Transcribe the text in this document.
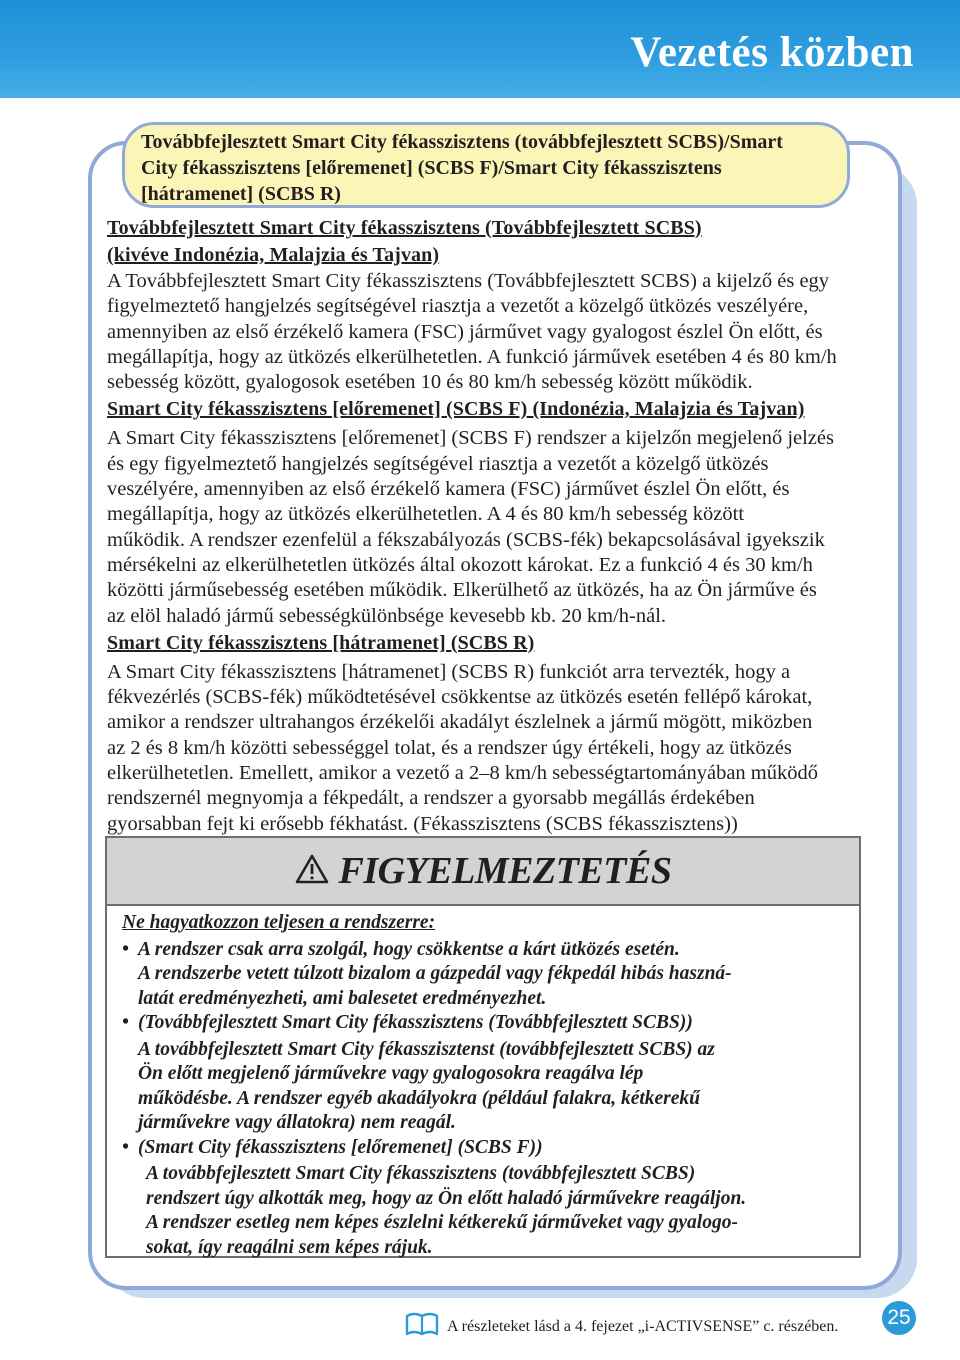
Vezetés közben
Továbbfejlesztett Smart City fékasszisztens (továbbfejlesztett SCBS)/Smart
City fékasszisztens [előremenet] (SCBS F)/Smart City fékasszisztens
[hátramenet] (SCBS R)
Továbbfejlesztett Smart City fékasszisztens (Továbbfejlesztett SCBS)
(kivéve Indonézia, Malajzia és Tajvan)
A Továbbfejlesztett Smart City fékasszisztens (Továbbfejlesztett SCBS) a kijelző és egy
figyelmeztető hangjelzés segítségével riasztja a vezetőt a közelgő ütközés veszélyére,
amennyiben az első érzékelő kamera (FSC) járművet vagy gyalogost észlel Ön előtt, és
megállapítja, hogy az ütközés elkerülhetetlen. A funkció járművek esetében 4 és 80 km/h
sebesség között, gyalogosok esetében 10 és 80 km/h sebesség között működik.
Smart City fékasszisztens [előremenet] (SCBS F) (Indonézia, Malajzia és Tajvan)
A Smart City fékasszisztens [előremenet] (SCBS F) rendszer a kijelzőn megjelenő jelzés
és egy figyelmeztető hangjelzés segítségével riasztja a vezetőt a közelgő ütközés
veszélyére, amennyiben az első érzékelő kamera (FSC) járművet észlel Ön előtt, és
megállapítja, hogy az ütközés elkerülhetetlen. A 4 és 80 km/h sebesség között
működik. A rendszer ezenfelül a fékszabályozás (SCBS-fék) bekapcsolásával igyekszik
mérsékelni az elkerülhetetlen ütközés által okozott károkat. Ez a funkció 4 és 30 km/h
közötti járműsebesség esetében működik. Elkerülhető az ütközés, ha az Ön járműve és
az elöl haladó jármű sebességkülönbsége kevesebb kb. 20 km/h-nál.
Smart City fékasszisztens [hátramenet] (SCBS R)
A Smart City fékasszisztens [hátramenet] (SCBS R) funkciót arra tervezték, hogy a
fékvezérlés (SCBS-fék) működtetésével csökkentse az ütközés esetén fellépő károkat,
amikor a rendszer ultrahangos érzékelői akadályt észlelnek a jármű mögött, miközben
az 2 és 8 km/h közötti sebességgel tolat, és a rendszer úgy értékeli, hogy az ütközés
elkerülhetetlen. Emellett, amikor a vezető a 2–8 km/h sebességtartományában működő
rendszernél megnyomja a fékpedált, a rendszer a gyorsabb megállás érdekében
gyorsabban fejt ki erősebb fékhatást. (Fékasszisztens (SCBS fékasszisztens))
FIGYELMEZTETÉS
Ne hagyatkozzon teljesen a rendszerre:
• A rendszer csak arra szolgál, hogy csökkentse a kárt ütközés esetén.
A rendszerbe vetett túlzott bizalom a gázpedál vagy fékpedál hibás haszná-
latát eredményezheti, ami balesetet eredményezhet.
• (Továbbfejlesztett Smart City fékasszisztens (Továbbfejlesztett SCBS))
A továbbfejlesztett Smart City fékasszisztenst (továbbfejlesztett SCBS) az
Ön előtt megjelenő járművekre vagy gyalogosokra reagálva lép
működésbe. A rendszer egyéb akadályokra (például falakra, kétkerekű
járművekre vagy állatokra) nem reagál.
• (Smart City fékasszisztens [előremenet] (SCBS F))
A továbbfejlesztett Smart City fékasszisztens (továbbfejlesztett SCBS)
rendszert úgy alkották meg, hogy az Ön előtt haladó járművekre reagáljon.
A rendszer esetleg nem képes észlelni kétkerekű járműveket vagy gyalogo-
sokat, így reagálni sem képes rájuk.
A részleteket lásd a 4. fejezet „i-ACTIVSENSE” c. részében. 25
